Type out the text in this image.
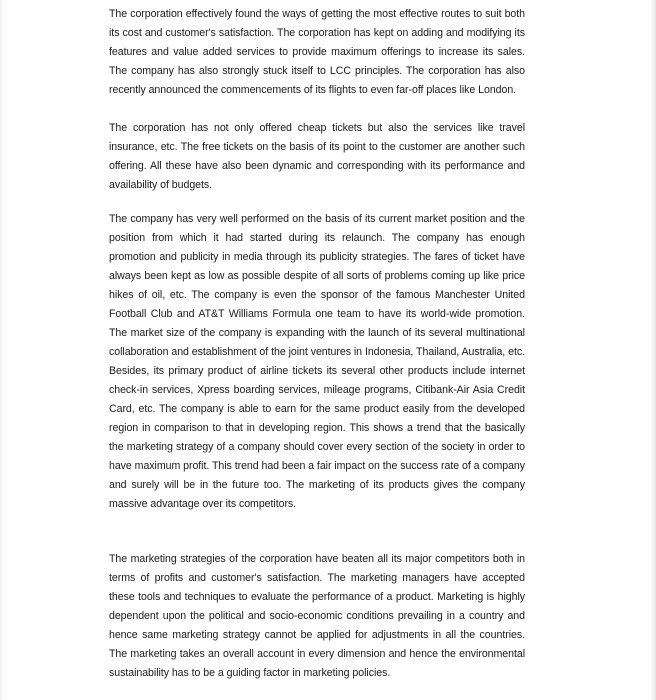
The corporation effectively found the ways of getting the most effective routes to suit both its cost and customer's satisfaction. The corporation has kept on adding and modifying its features and value added services to provide maximum offerings to increase its sales. The company has also strongly stuck itself to LCC principles. The corporation has also recently announced the commencements of its flights to even far-off places like London.

The corporation has not only offered cheap tickets but also the services like travel insurance, etc. The free tickets on the basis of its point to the customer are another such offering. All these have also been dynamic and corresponding with its performance and availability of budgets.

The company has very well performed on the basis of its current market position and the position from which it had started during its relaunch. The company has enough promotion and publicity in media through its publicity strategies. The fares of ticket have always been kept as low as possible despite of all sorts of problems coming up like price hikes of oil, etc. The company is even the sponsor of the famous Manchester United Football Club and AT&T Williams Formula one team to have its world-wide promotion. The market size of the company is expanding with the launch of its several multinational collaboration and establishment of the joint ventures in Indonesia, Thailand, Australia, etc. Besides, its primary product of airline tickets its several other products include internet check-in services, Xpress boarding services, mileage programs, Citibank-Air Asia Credit Card, etc. The company is able to earn for the same product easily from the developed region in comparison to that in developing region. This shows a trend that the basically the marketing strategy of a company should cover every section of the society in order to have maximum profit. This trend had been a fair impact on the success rate of a company and surely will be in the future too. The marketing of its products gives the company massive advantage over its competitors.

The marketing strategies of the corporation have beaten all its major competitors both in terms of profits and customer's satisfaction. The marketing managers have accepted these tools and techniques to evaluate the performance of a product. Marketing is highly dependent upon the political and socio-economic conditions prevailing in a country and hence same marketing strategy cannot be applied for adjustments in all the countries. The marketing takes an overall account in every dimension and hence the environmental sustainability has to be a guiding factor in marketing policies.
